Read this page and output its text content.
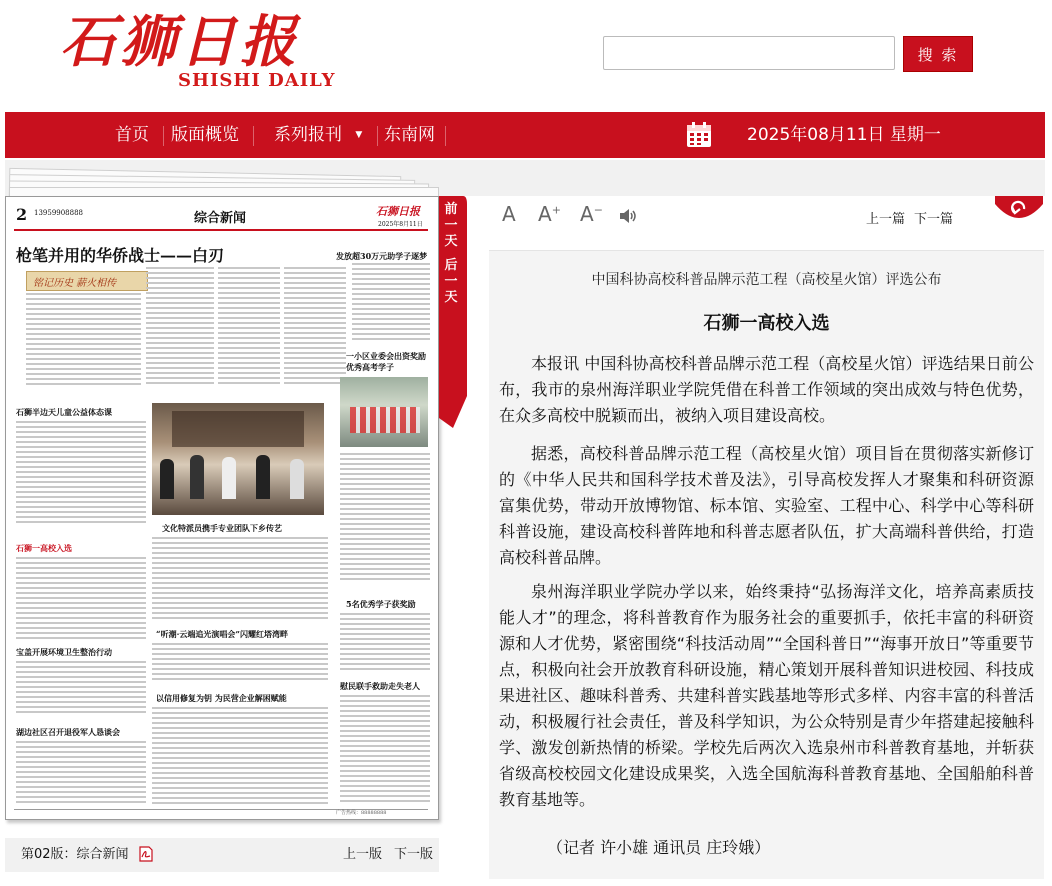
石狮日报
SHISHI DAILY
搜 索
首页 版面概览 系列报刊 ▼ 东南网	2025年08月11日 星期一
2 13959908888	综合新闻	石狮日报
2025年8月11日
枪笔并用的华侨战士——白刃
铭记历史 薪火相传
发放超30万元助学子逐梦
一小区业委会出资奖励优秀高考学子
5名优秀学子获奖励
慰民联手救助走失老人
石狮半边天儿童公益体态课
石狮一高校入选
宝盖开展环境卫生整治行动
湖边社区召开退役军人恳谈会
文化特派员携手专业团队下乡传艺
“听潮·云端追光演唱会”闪耀红塔湾畔
以信用修复为钥 为民营企业解困赋能
广告热线：88888888
前
一
天
后
一
天
第02版：综合新闻	上一版 下一版
A A+ A−
上一篇 下一篇
中国科协高校科普品牌示范工程（高校星火馆）评选公布
石狮一高校入选

本报讯 中国科协高校科普品牌示范工程（高校星火馆）评选结果日前公布，我市的泉州海洋职业学院凭借在科普工作领域的突出成效与特色优势，在众多高校中脱颖而出，被纳入项目建设高校。

据悉，高校科普品牌示范工程（高校星火馆）项目旨在贯彻落实新修订的《中华人民共和国科学技术普及法》，引导高校发挥人才聚集和科研资源富集优势，带动开放博物馆、标本馆、实验室、工程中心、科学中心等科研科普设施，建设高校科普阵地和科普志愿者队伍，扩大高端科普供给，打造高校科普品牌。

泉州海洋职业学院办学以来，始终秉持“弘扬海洋文化，培养高素质技能人才”的理念，将科普教育作为服务社会的重要抓手，依托丰富的科研资源和人才优势，紧密围绕“科技活动周”“全国科普日”“海事开放日”等重要节点，积极向社会开放教育科研设施，精心策划开展科普知识进校园、科技成果进社区、趣味科普秀、共建科普实践基地等形式多样、内容丰富的科普活动，积极履行社会责任，普及科学知识，为公众特别是青少年搭建起接触科学、激发创新热情的桥梁。学校先后两次入选泉州市科普教育基地，并斩获省级高校校园文化建设成果奖，入选全国航海科普教育基地、全国船舶科普教育基地等。

（记者 许小雄 通讯员 庄玲娥）
